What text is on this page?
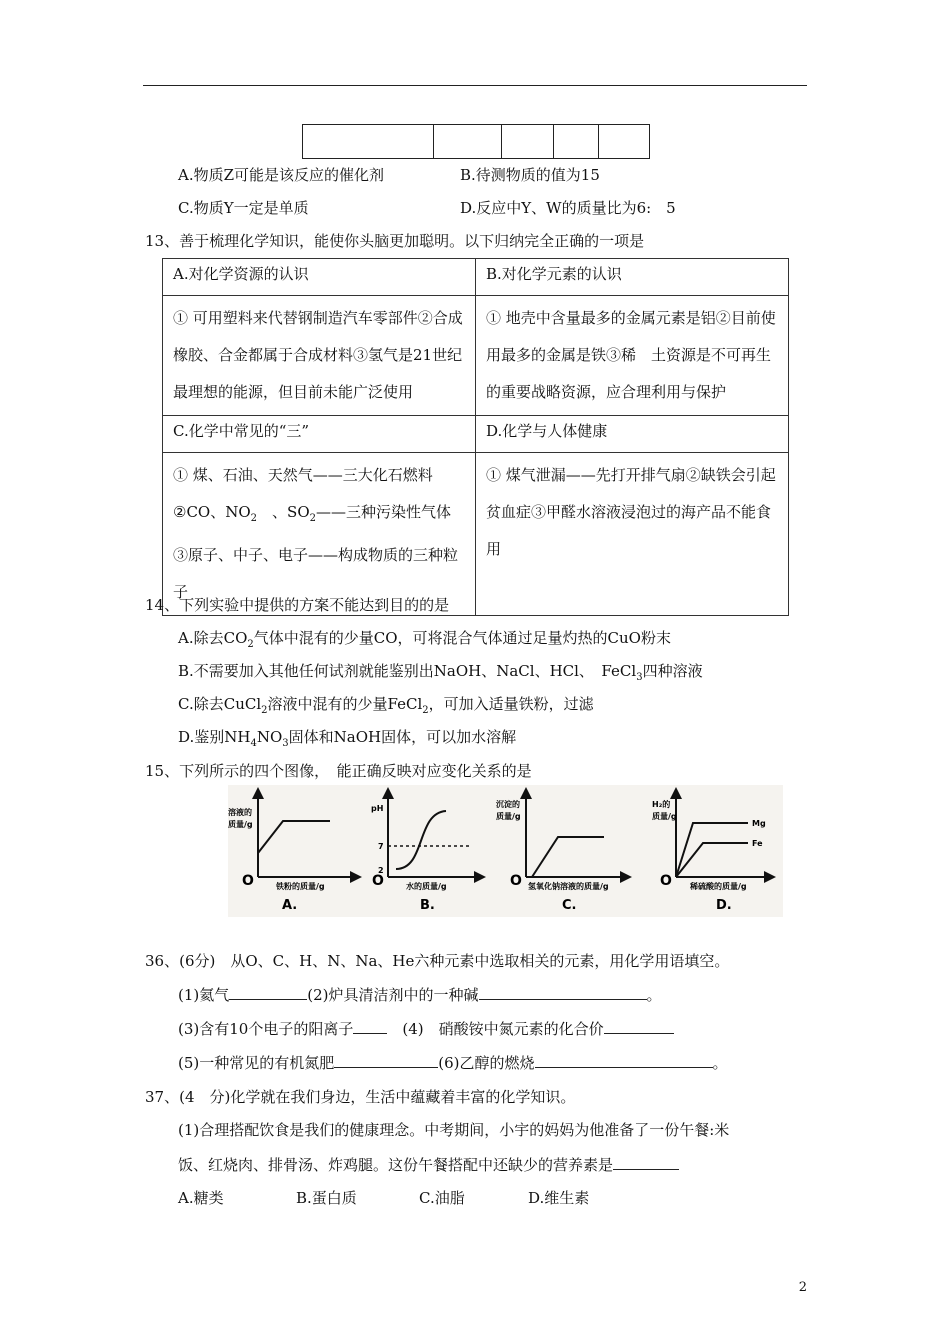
A.物质Z可能是该反应的催化剂	B.待测物质的值为15
C.物质Y一定是单质	D.反应中Y、W的质量比为6:　5
13、善于梳理化学知识，能使你头脑更加聪明。以下归纳完全正确的一项是
A.对化学资源的认识	B.对化学元素的认识
① 可用塑料来代替钢制造汽车零部件②合成橡胶、合金都属于合成材料③氢气是21世纪最理想的能源，但目前未能广泛使用	① 地壳中含量最多的金属元素是铝②目前使用最多的金属是铁③稀　土资源是不可再生的重要战略资源，应合理利用与保护
C.化学中常见的“三”	D.化学与人体健康
① 煤、石油、天然气——三大化石燃料
②CO、$NO_2$　 、$SO_2——$三种污染性气体③原子、中子、电子——构成物质的三种粒子	① 煤气泄漏——先打开排气扇②缺铁会引起贫血症③甲醛水溶液浸泡过的海产品不能食用
14、下列实验中提供的方案不能达到目的的是
A.除去$CO_2$气体中混有的少量CO，可将混合气体通过足量灼热的CuO粉末
B.不需要加入其他任何试剂就能鉴别出NaOH、NaCl、HCl、　FeCl$_3$四种溶液
C.除去CuCl$_2$溶液中混有的少量FeCl$_2$，可加入适量铁粉，过滤
D.鉴别$NH_4NO_3$固体和NaOH固体，可以加水溶解
15、下列所示的四个图像，　能正确反映对应变化关系的是
溶液的
质量/g
O	铁粉的质量/g
A.
pH
7
2
O	水的质量/g
B.
沉淀的
质量/g
O 氢氧化钠溶液的质量/g
C.
H₂的
质量/g
Mg
Fe
O 稀硫酸的质量/g
D.
36、(6分)　从O、C、H、N、Na、He六种元素中选取相关的元素，用化学用语填空。
(1)氦气	(2)炉具清洁剂中的一种碱	。
(3)含有10个电子的阳离子　	(4)　硝酸铵中氮元素的化合价
(5)一种常见的有机氮肥	(6)乙醇的燃烧	。
37、(4　分)化学就在我们身边，生活中蕴藏着丰富的化学知识。
(1)合理搭配饮食是我们的健康理念。中考期间，小宇的妈妈为他准备了一份午餐:米
饭、红烧肉、排骨汤、炸鸡腿。这份午餐搭配中还缺少的营养素是
A.糖类	B.蛋白质	C.油脂	D.维生素
2
